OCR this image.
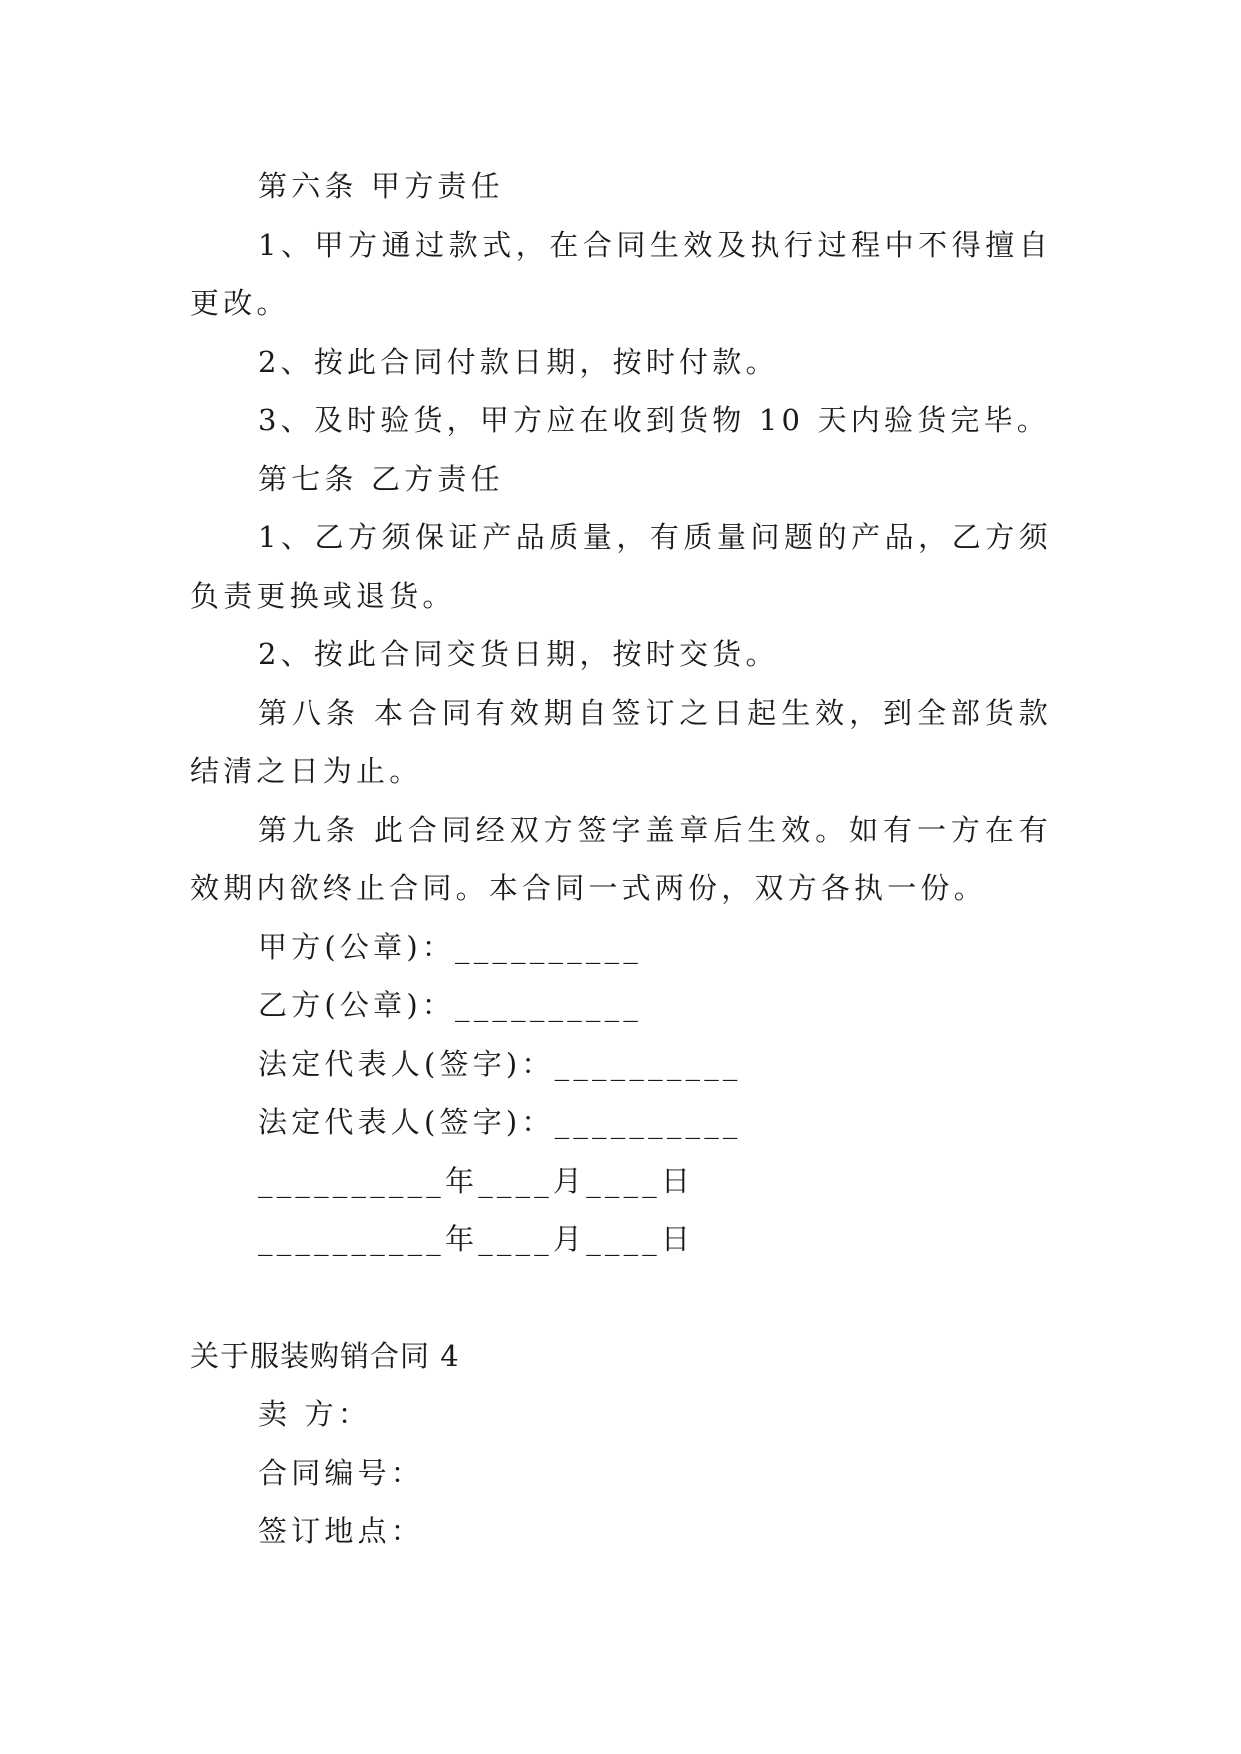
第六条 甲方责任

1、甲方通过款式，在合同生效及执行过程中不得擅自更改。

2、按此合同付款日期，按时付款。

3、及时验货，甲方应在收到货物 10 天内验货完毕。

第七条 乙方责任

1、乙方须保证产品质量，有质量问题的产品，乙方须负责更换或退货。

2、按此合同交货日期，按时交货。

第八条 本合同有效期自签订之日起生效，到全部货款结清之日为止。

第九条 此合同经双方签字盖章后生效。如有一方在有效期内欲终止合同。本合同一式两份，双方各执一份。

甲方(公章)：__________

乙方(公章)：__________

法定代表人(签字)：__________

法定代表人(签字)：__________

__________年____月____日

__________年____月____日

关于服装购销合同 4

卖 方：

合同编号：

签订地点：
